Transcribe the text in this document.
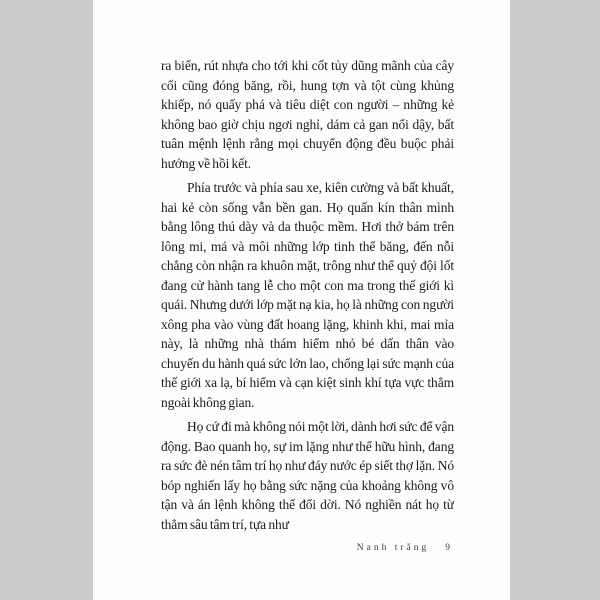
ra biển, rút nhựa cho tới khi cốt tủy dũng mãnh của cây cối cũng đóng băng, rồi, hung tợn và tột cùng khủng khiếp, nó quấy phá và tiêu diệt con người – những kẻ không bao giờ chịu ngơi nghỉ, dám cả gan nổi dậy, bất tuân mệnh lệnh rằng mọi chuyển động đều buộc phải hướng về hồi kết.

Phía trước và phía sau xe, kiên cường và bất khuất, hai kẻ còn sống vẫn bền gan. Họ quấn kín thân mình bằng lông thú dày và da thuộc mềm. Hơi thở bám trên lông mi, má và môi những lớp tinh thể băng, đến nỗi chẳng còn nhận ra khuôn mặt, trông như thể quỷ đội lốt đang cử hành tang lễ cho một con ma trong thế giới kì quái. Nhưng dưới lớp mặt nạ kia, họ là những con người xông pha vào vùng đất hoang lặng, khinh khi, mai mỉa này, là những nhà thám hiểm nhỏ bé dấn thân vào chuyến du hành quá sức lớn lao, chống lại sức mạnh của thế giới xa lạ, bí hiểm và cạn kiệt sinh khí tựa vực thẳm ngoài không gian.

Họ cứ đi mà không nói một lời, dành hơi sức để vận động. Bao quanh họ, sự im lặng như thể hữu hình, đang ra sức đè nén tâm trí họ như đáy nước ép siết thợ lặn. Nó bóp nghiến lấy họ bằng sức nặng của khoảng không vô tận và án lệnh không thể đổi dời. Nó nghiền nát họ từ thẳm sâu tâm trí, tựa như

Nanh trắng 9
